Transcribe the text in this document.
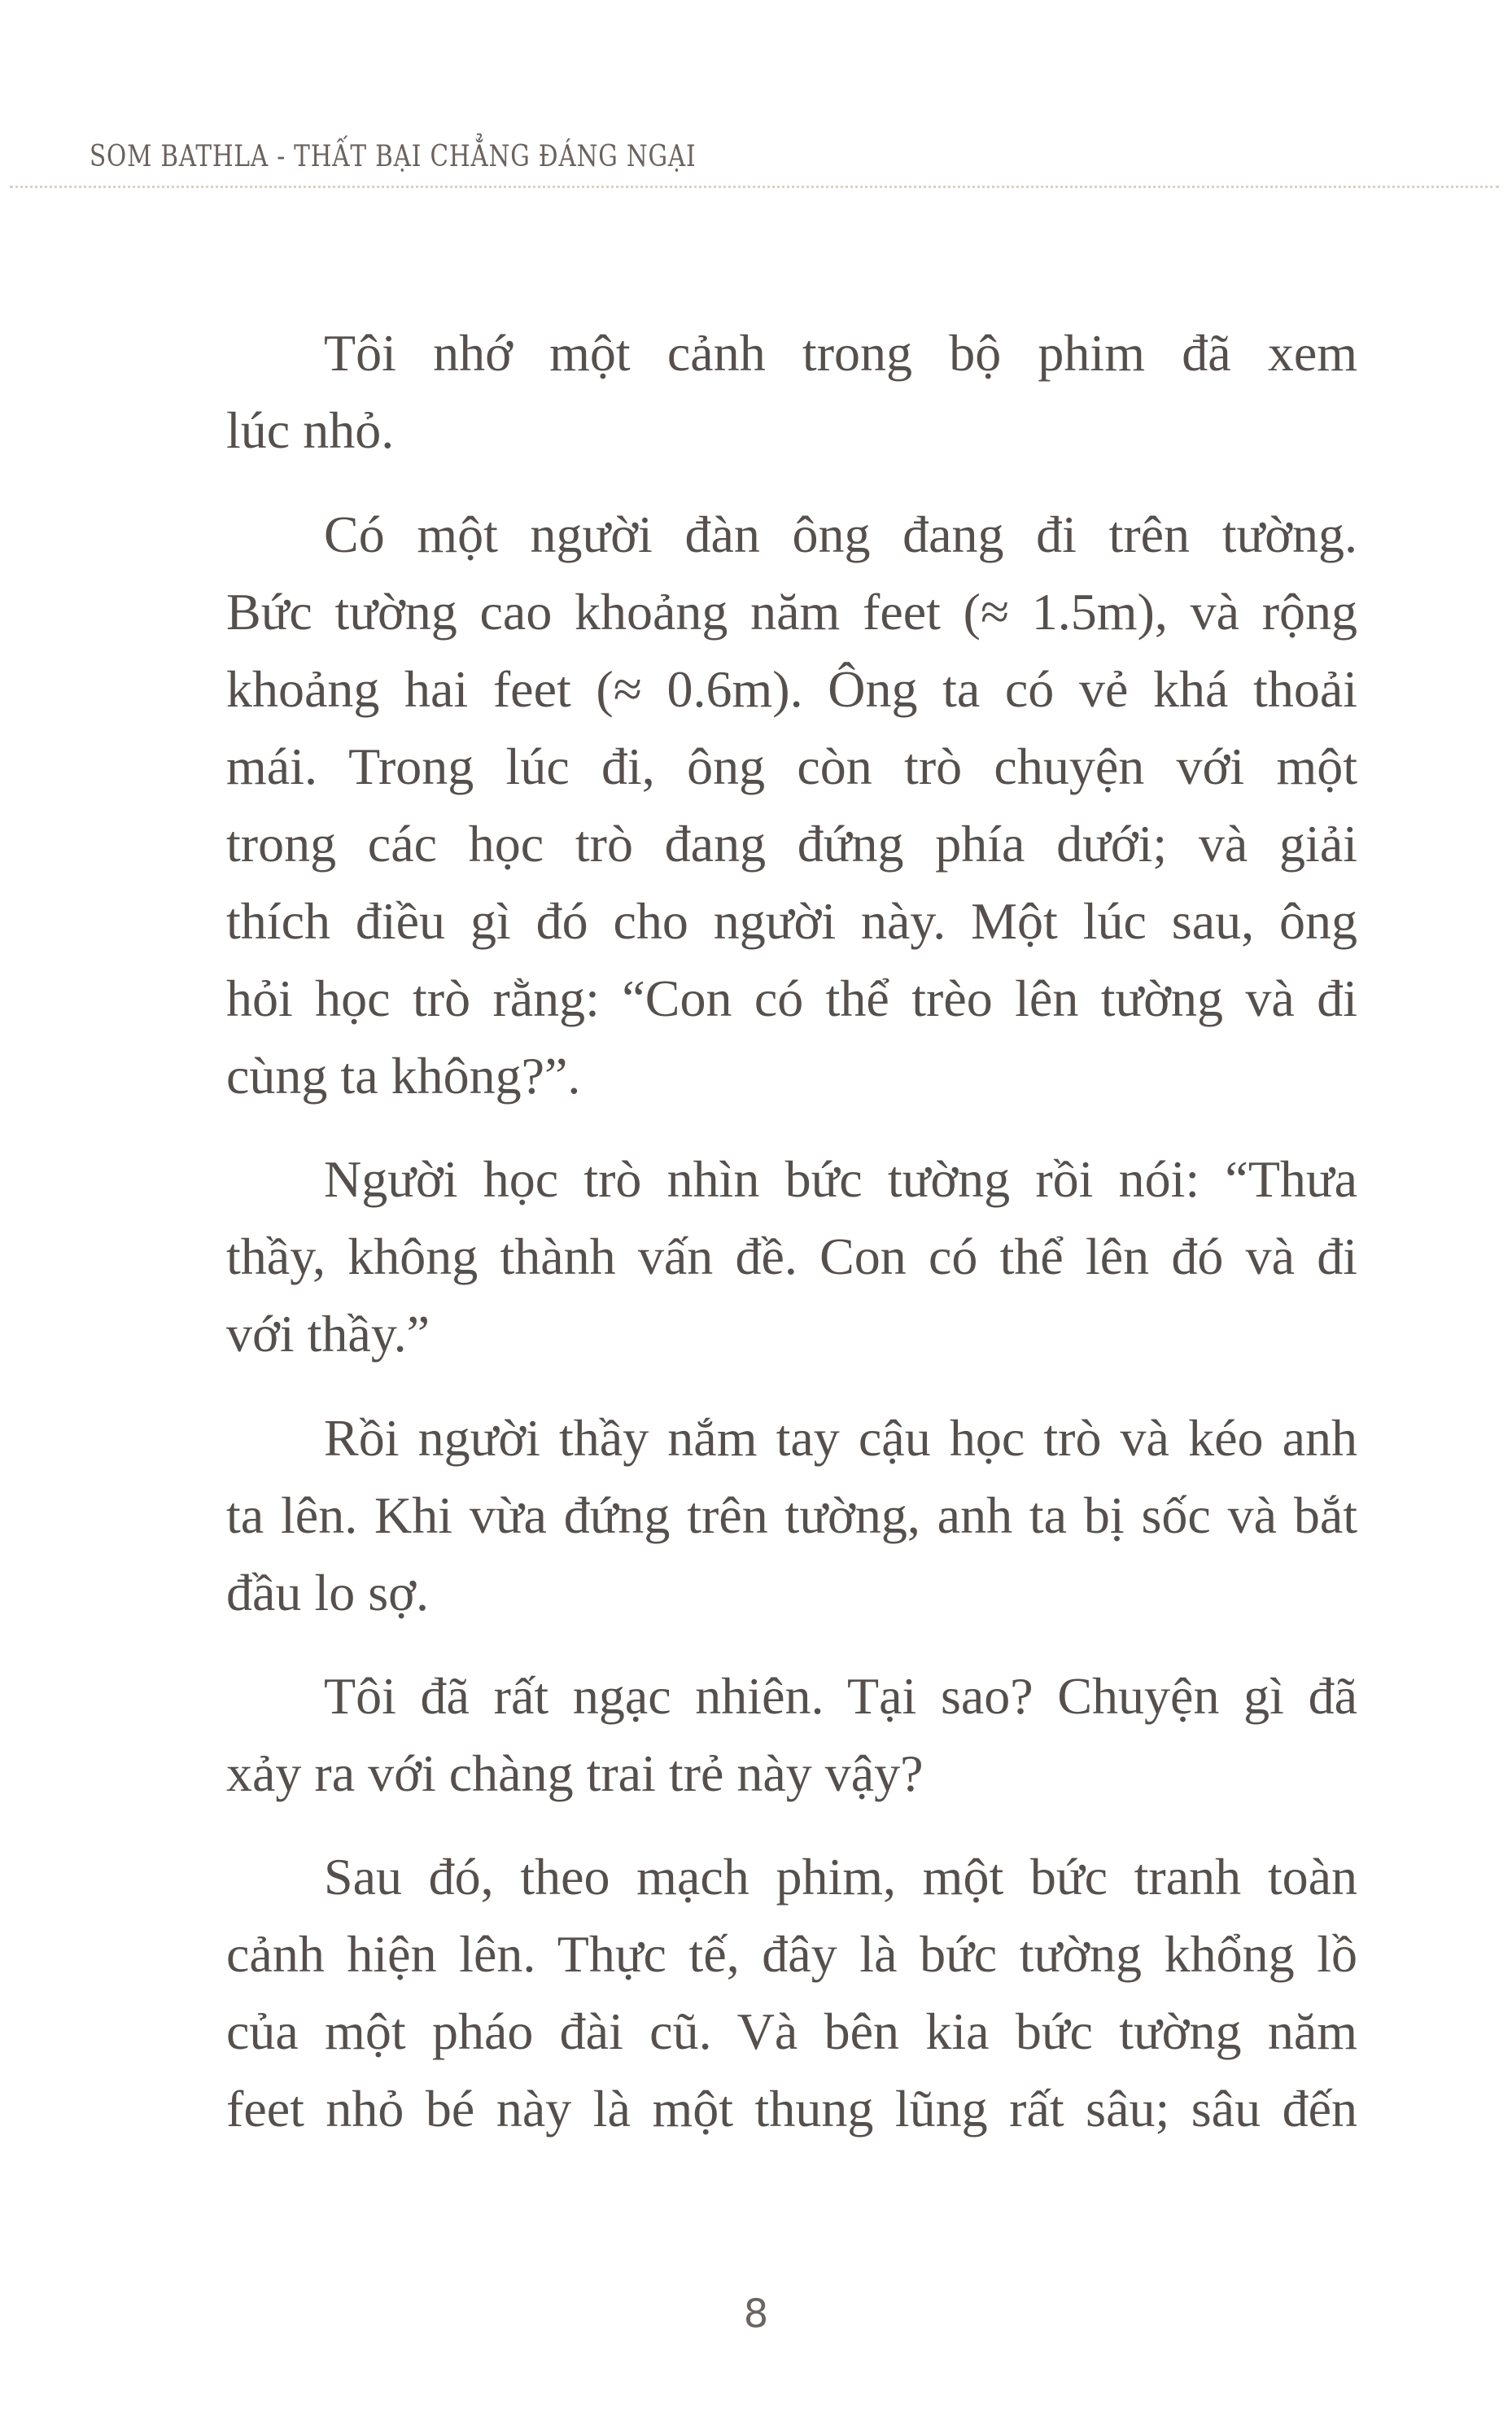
SOM BATHLA - THẤT BẠI CHẲNG ĐÁNG NGẠI
Tôi nhớ một cảnh trong bộ phim đã xem
lúc nhỏ.
Có một người đàn ông đang đi trên tường.
Bức tường cao khoảng năm feet (≈ 1.5m), và rộng
khoảng hai feet (≈ 0.6m). Ông ta có vẻ khá thoải
mái. Trong lúc đi, ông còn trò chuyện với một
trong các học trò đang đứng phía dưới; và giải
thích điều gì đó cho người này. Một lúc sau, ông
hỏi học trò rằng: “Con có thể trèo lên tường và đi
cùng ta không?”.
Người học trò nhìn bức tường rồi nói: “Thưa
thầy, không thành vấn đề. Con có thể lên đó và đi
với thầy.”
Rồi người thầy nắm tay cậu học trò và kéo anh
ta lên. Khi vừa đứng trên tường, anh ta bị sốc và bắt
đầu lo sợ.
Tôi đã rất ngạc nhiên. Tại sao? Chuyện gì đã
xảy ra với chàng trai trẻ này vậy?
Sau đó, theo mạch phim, một bức tranh toàn
cảnh hiện lên. Thực tế, đây là bức tường khổng lồ
của một pháo đài cũ. Và bên kia bức tường năm
feet nhỏ bé này là một thung lũng rất sâu; sâu đến
8
